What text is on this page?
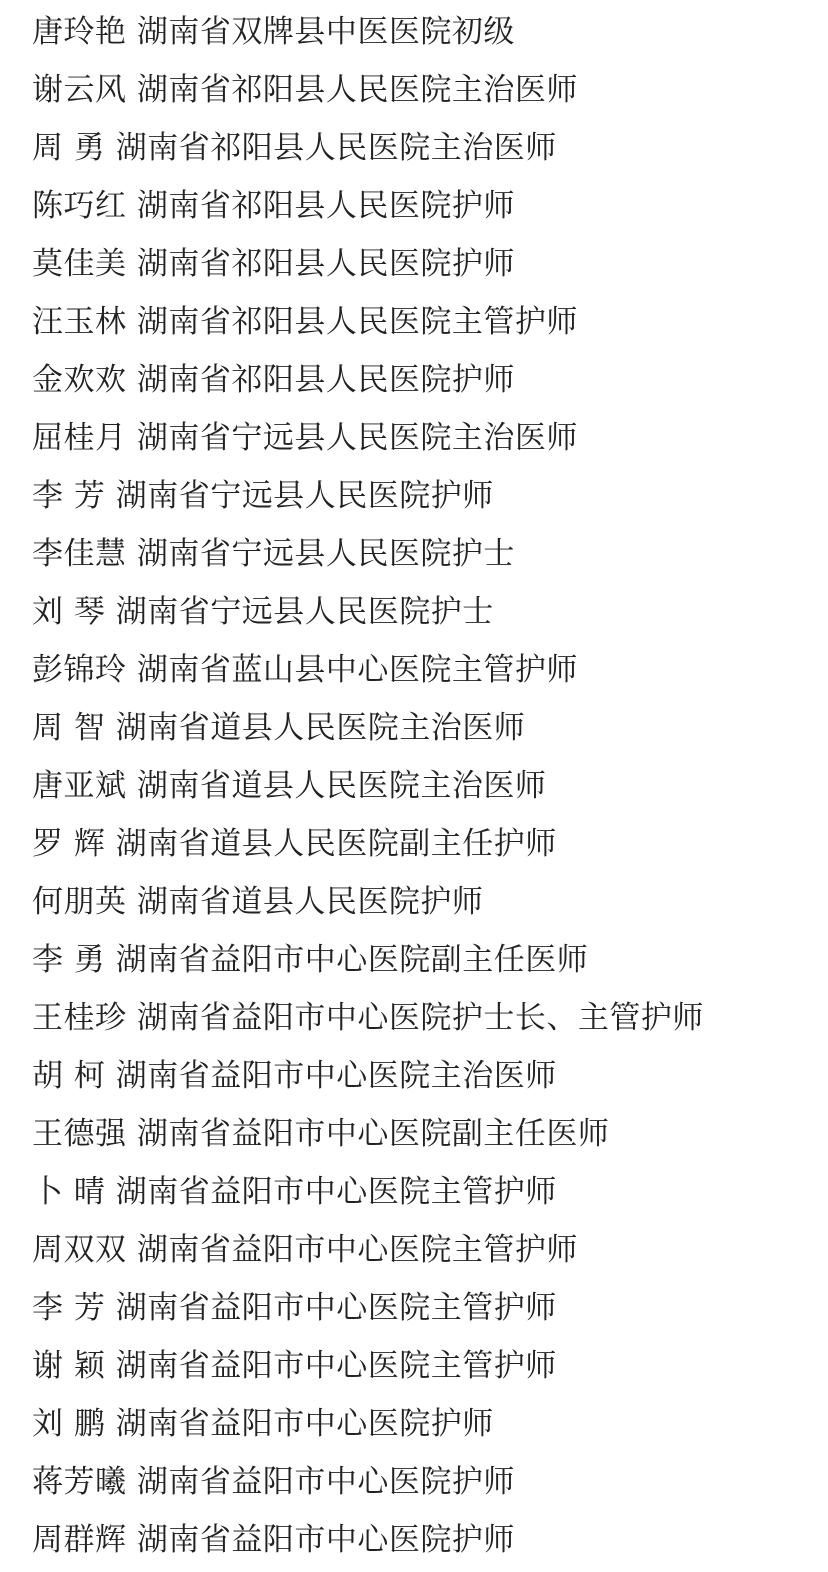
唐玲艳 湖南省双牌县中医医院初级
谢云风 湖南省祁阳县人民医院主治医师
周 勇 湖南省祁阳县人民医院主治医师
陈巧红 湖南省祁阳县人民医院护师
莫佳美 湖南省祁阳县人民医院护师
汪玉林 湖南省祁阳县人民医院主管护师
金欢欢 湖南省祁阳县人民医院护师
屈桂月 湖南省宁远县人民医院主治医师
李 芳 湖南省宁远县人民医院护师
李佳慧 湖南省宁远县人民医院护士
刘 琴 湖南省宁远县人民医院护士
彭锦玲 湖南省蓝山县中心医院主管护师
周 智 湖南省道县人民医院主治医师
唐亚斌 湖南省道县人民医院主治医师
罗 辉 湖南省道县人民医院副主任护师
何朋英 湖南省道县人民医院护师
李 勇 湖南省益阳市中心医院副主任医师
王桂珍 湖南省益阳市中心医院护士长、主管护师
胡 柯 湖南省益阳市中心医院主治医师
王德强 湖南省益阳市中心医院副主任医师
卜 晴 湖南省益阳市中心医院主管护师
周双双 湖南省益阳市中心医院主管护师
李 芳 湖南省益阳市中心医院主管护师
谢 颖 湖南省益阳市中心医院主管护师
刘 鹏 湖南省益阳市中心医院护师
蒋芳曦 湖南省益阳市中心医院护师
周群辉 湖南省益阳市中心医院护师
